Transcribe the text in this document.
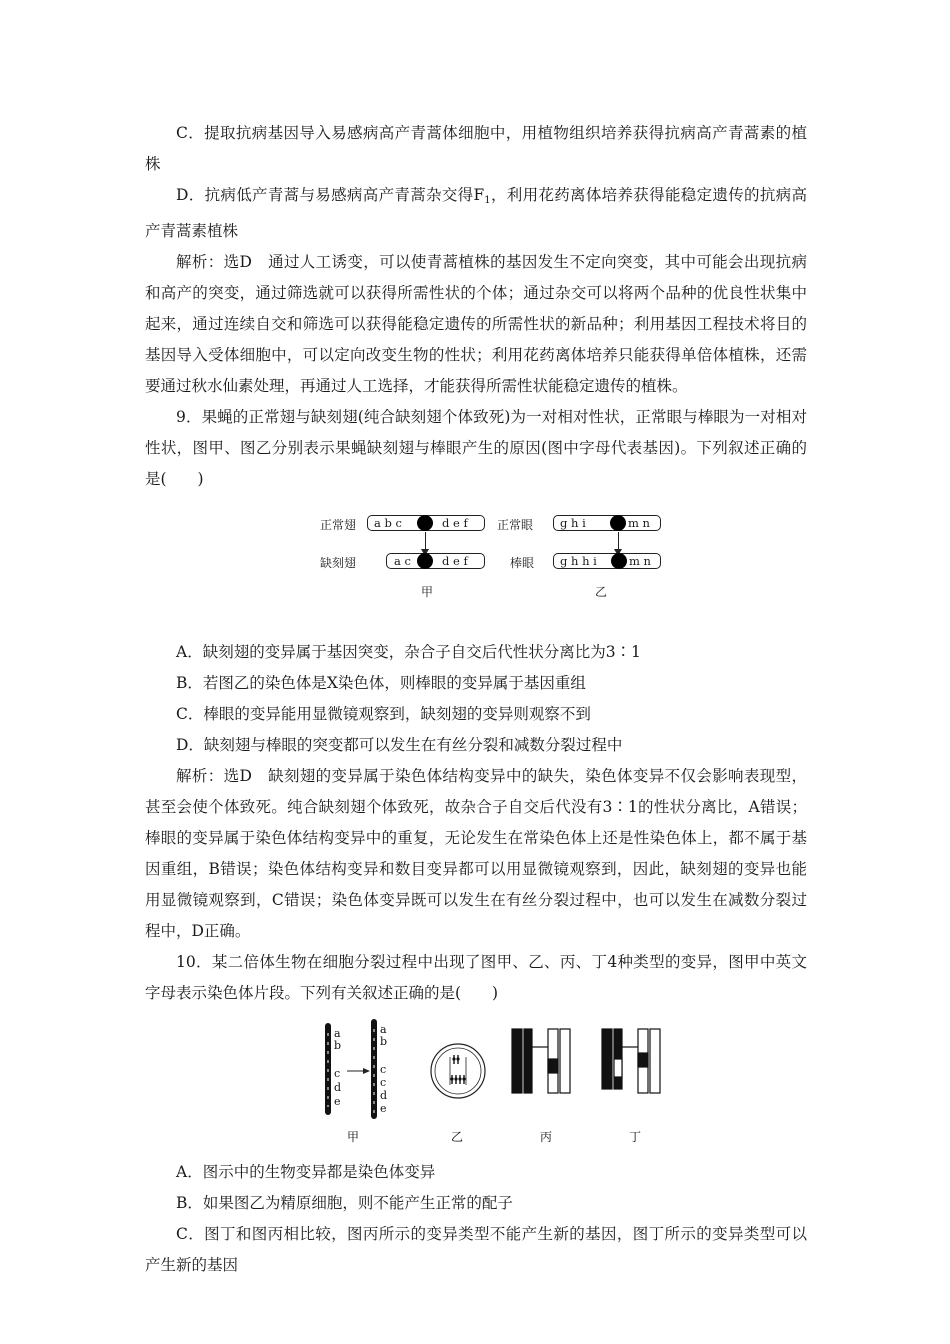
C．提取抗病基因导入易感病高产青蒿体细胞中，用植物组织培养获得抗病高产青蒿素的植株

D．抗病低产青蒿与易感病高产青蒿杂交得$F_1$，利用花药离体培养获得能稳定遗传的抗病高产青蒿素植株

解析：选D　通过人工诱变，可以使青蒿植株的基因发生不定向突变，其中可能会出现抗病和高产的突变，通过筛选就可以获得所需性状的个体；通过杂交可以将两个品种的优良性状集中起来，通过连续自交和筛选可以获得能稳定遗传的所需性状的新品种；利用基因工程技术将目的基因导入受体细胞中，可以定向改变生物的性状；利用花药离体培养只能获得单倍体植株，还需要通过秋水仙素处理，再通过人工选择，才能获得所需性状能稳定遗传的植株。

9．果蝇的正常翅与缺刻翅(纯合缺刻翅个体致死)为一对相对性状，正常眼与棒眼为一对相对性状，图甲、图乙分别表示果蝇缺刻翅与棒眼产生的原因(图中字母代表基因)。下列叙述正确的是(　　)

正常翅 a b c	d e f
缺刻翅	a c	d e f
甲
正常眼 g h i	m n
棒眼 g h h i	m n
乙

A．缺刻翅的变异属于基因突变，杂合子自交后代性状分离比为3∶1

B．若图乙的染色体是X染色体，则棒眼的变异属于基因重组

C．棒眼的变异能用显微镜观察到，缺刻翅的变异则观察不到

D．缺刻翅与棒眼的突变都可以发生在有丝分裂和减数分裂过程中

解析：选D　缺刻翅的变异属于染色体结构变异中的缺失，染色体变异不仅会影响表现型，甚至会使个体致死。纯合缺刻翅个体致死，故杂合子自交后代没有3∶1的性状分离比，A错误；棒眼的变异属于染色体结构变异中的重复，无论发生在常染色体上还是性染色体上，都不属于基因重组，B错误；染色体结构变异和数目变异都可以用显微镜观察到，因此，缺刻翅的变异也能用显微镜观察到，C错误；染色体变异既可以发生在有丝分裂过程中，也可以发生在减数分裂过程中，D正确。

10．某二倍体生物在细胞分裂过程中出现了图甲、乙、丙、丁4种类型的变异，图甲中英文字母表示染色体片段。下列有关叙述正确的是(　　)

a
b
c
d
e
a
b
c
c
d
e
甲	乙	丙	丁

A．图示中的生物变异都是染色体变异

B．如果图乙为精原细胞，则不能产生正常的配子

C．图丁和图丙相比较，图丙所示的变异类型不能产生新的基因，图丁所示的变异类型可以产生新的基因
